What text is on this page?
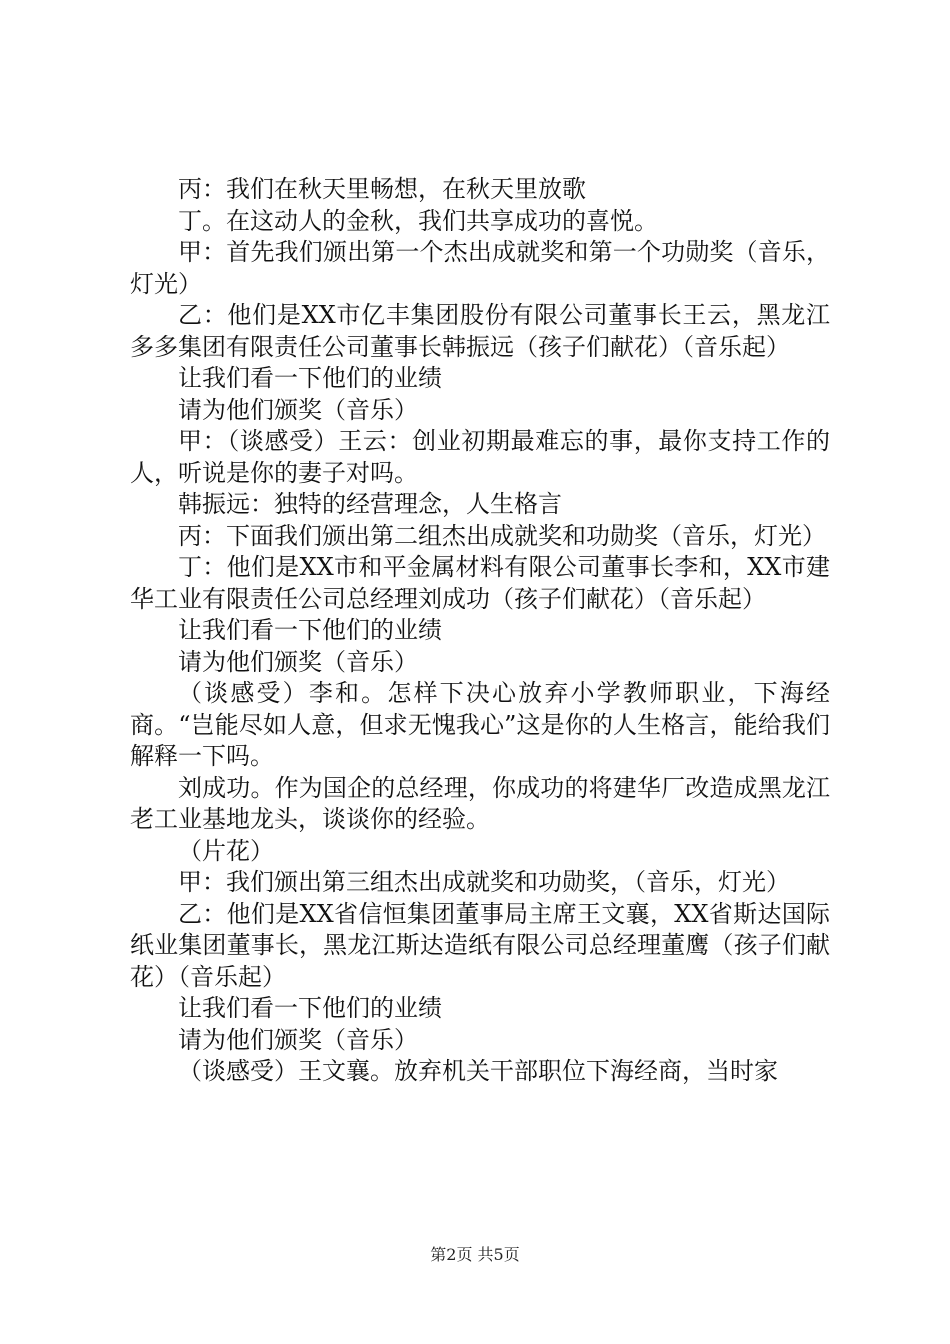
丙：我们在秋天里畅想，在秋天里放歌

丁。在这动人的金秋，我们共享成功的喜悦。

甲：首先我们颁出第一个杰出成就奖和第一个功勋奖（音乐，灯光）

乙：他们是XX市亿丰集团股份有限公司董事长王云，黑龙江多多集团有限责任公司董事长韩振远（孩子们献花）（音乐起）

让我们看一下他们的业绩

请为他们颁奖（音乐）

甲：（谈感受）王云：创业初期最难忘的事，最你支持工作的人，听说是你的妻子对吗。

韩振远：独特的经营理念，人生格言

丙：下面我们颁出第二组杰出成就奖和功勋奖（音乐，灯光）

丁：他们是XX市和平金属材料有限公司董事长李和，XX市建华工业有限责任公司总经理刘成功（孩子们献花）（音乐起）

让我们看一下他们的业绩

请为他们颁奖（音乐）

（谈感受）李和。怎样下决心放弃小学教师职业，下海经商。“岂能尽如人意，但求无愧我心”这是你的人生格言，能给我们解释一下吗。

刘成功。作为国企的总经理，你成功的将建华厂改造成黑龙江老工业基地龙头，谈谈你的经验。

（片花）

甲：我们颁出第三组杰出成就奖和功勋奖，（音乐，灯光）

乙：他们是XX省信恒集团董事局主席王文襄，XX省斯达国际纸业集团董事长，黑龙江斯达造纸有限公司总经理董鹰（孩子们献花）（音乐起）

让我们看一下他们的业绩

请为他们颁奖（音乐）

（谈感受）王文襄。放弃机关干部职位下海经商，当时家

第2页 共5页
